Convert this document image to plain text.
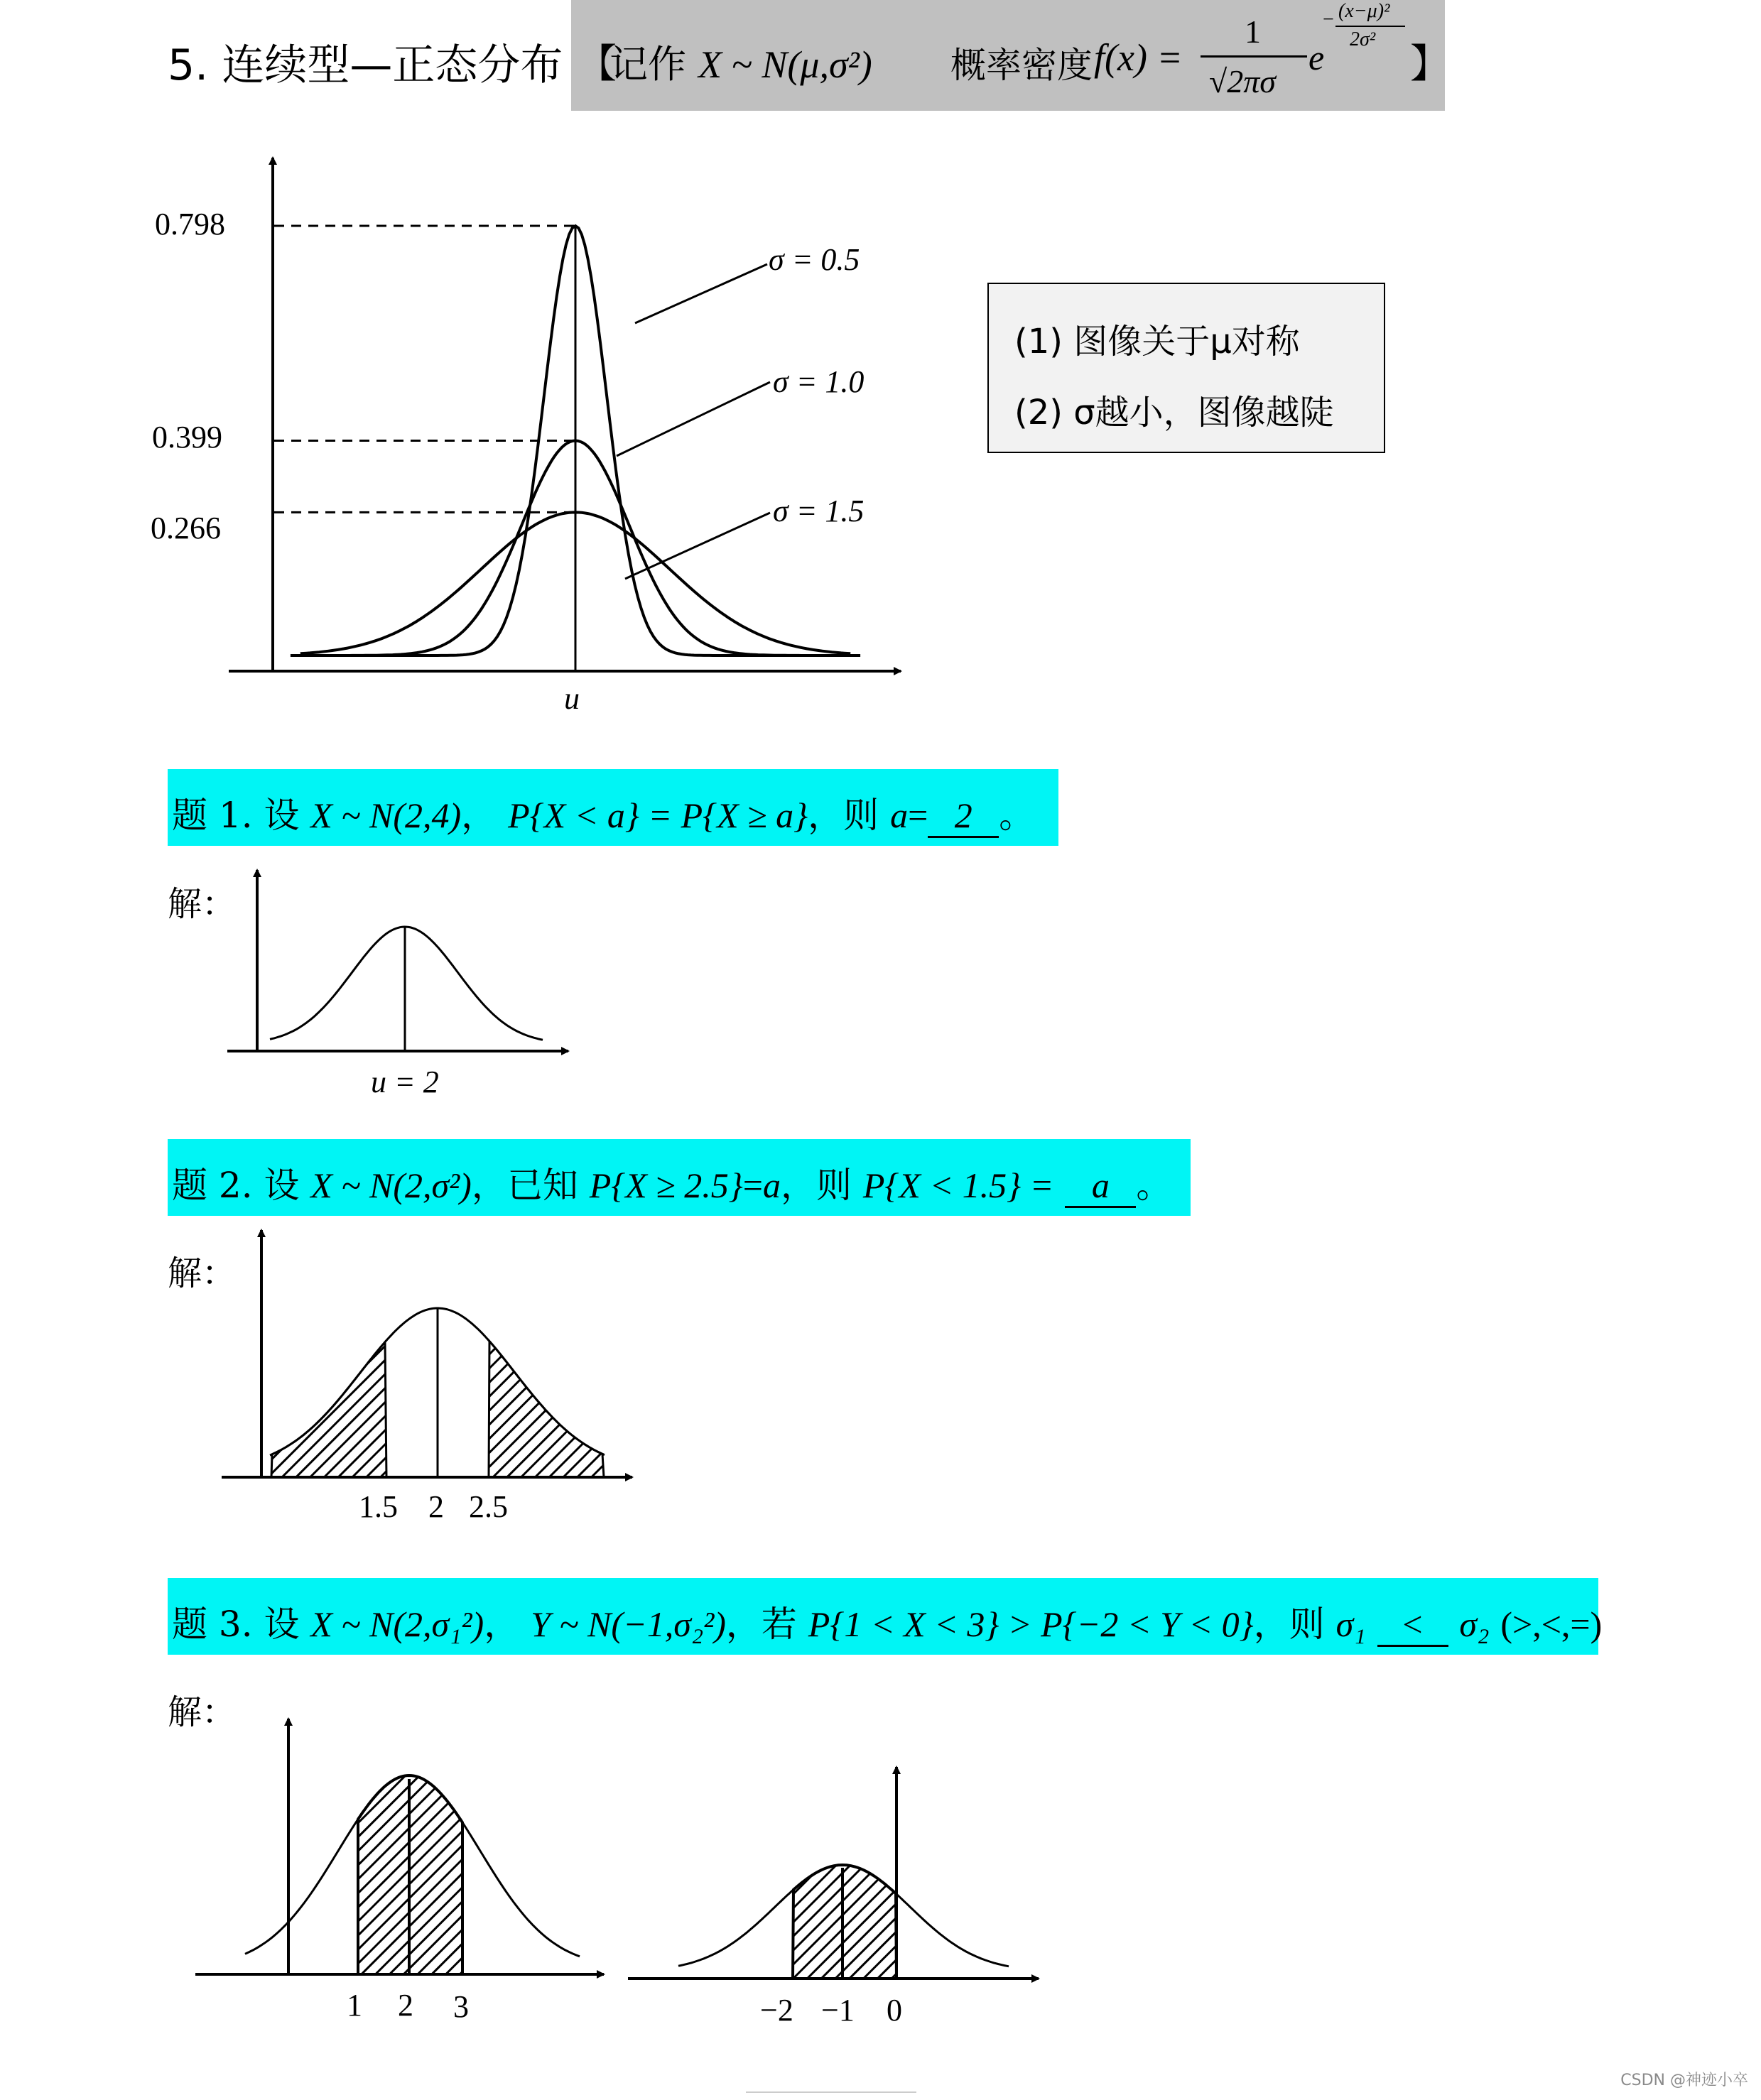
5. 连续型—正态分布 【
记作 X ~ N(μ,σ²) 概率密度	】
f(x) =
1
√2πσ
e
− (x−μ)²
2σ²
(1) 图像关于μ对称
(2) σ越小，图像越陡
题 1. 设 X ~ N(2,4)， P{X < a} = P{X ≥ a}，则 a= 2 。
题 2. 设 X ~ N(2,σ²)，已知 P{X ≥ 2.5}=a，则 P{X < 1.5} = a 。
题 3. 设 X ~ N(2,σ₁²)， Y ~ N(−1,σ₂²)，若 P{1 < X < 3} > P{−2 < Y < 0}，则 σ₁ < σ₂ (>,<,=)
解：
解：
解：
CSDN @神迹小卒
0.798
0.399
0.266
σ = 0.5
σ = 1.0
σ = 1.5
u
u = 2
1.5 2 2.5
1 2 3	−2 −1 0
